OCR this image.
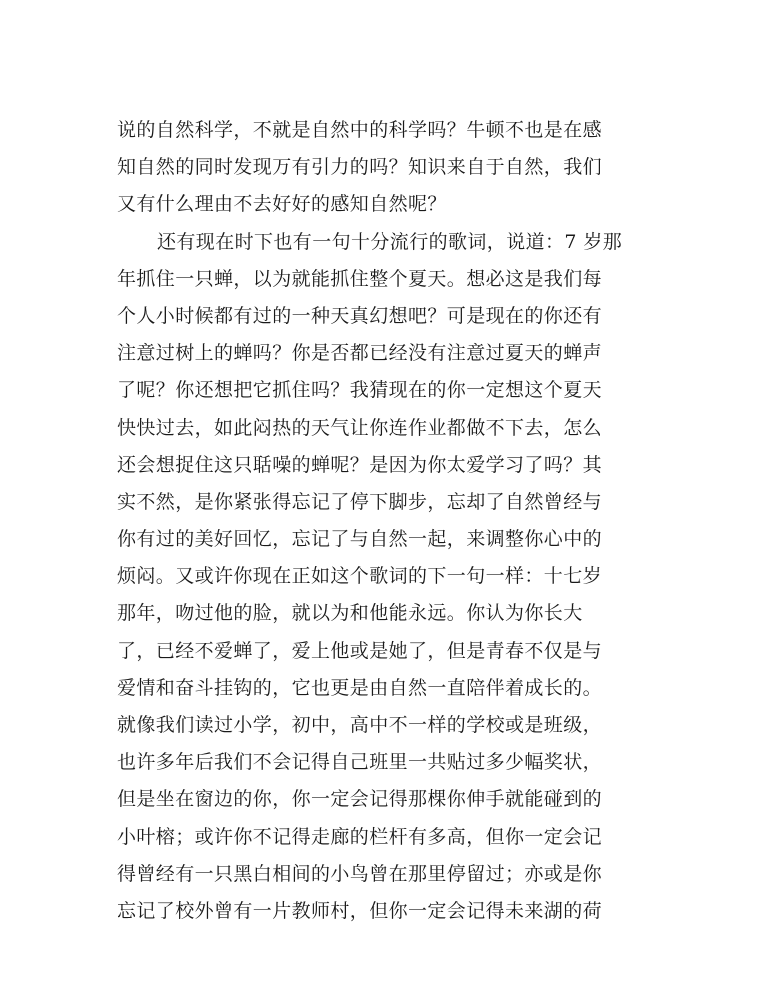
说的自然科学，不就是自然中的科学吗？牛顿不也是在感
知自然的同时发现万有引力的吗？知识来自于自然，我们
又有什么理由不去好好的感知自然呢？
还有现在时下也有一句十分流行的歌词，说道：7 岁那
年抓住一只蝉，以为就能抓住整个夏天。想必这是我们每
个人小时候都有过的一种天真幻想吧？可是现在的你还有
注意过树上的蝉吗？你是否都已经没有注意过夏天的蝉声
了呢？你还想把它抓住吗？我猜现在的你一定想这个夏天
快快过去，如此闷热的天气让你连作业都做不下去，怎么
还会想捉住这只聒噪的蝉呢？是因为你太爱学习了吗？其
实不然，是你紧张得忘记了停下脚步，忘却了自然曾经与
你有过的美好回忆，忘记了与自然一起，来调整你心中的
烦闷。又或许你现在正如这个歌词的下一句一样：十七岁
那年，吻过他的脸，就以为和他能永远。你认为你长大
了，已经不爱蝉了，爱上他或是她了，但是青春不仅是与
爱情和奋斗挂钩的，它也更是由自然一直陪伴着成长的。
就像我们读过小学，初中，高中不一样的学校或是班级，
也许多年后我们不会记得自己班里一共贴过多少幅奖状，
但是坐在窗边的你，你一定会记得那棵你伸手就能碰到的
小叶榕；或许你不记得走廊的栏杆有多高，但你一定会记
得曾经有一只黑白相间的小鸟曾在那里停留过；亦或是你
忘记了校外曾有一片教师村，但你一定会记得未来湖的荷
